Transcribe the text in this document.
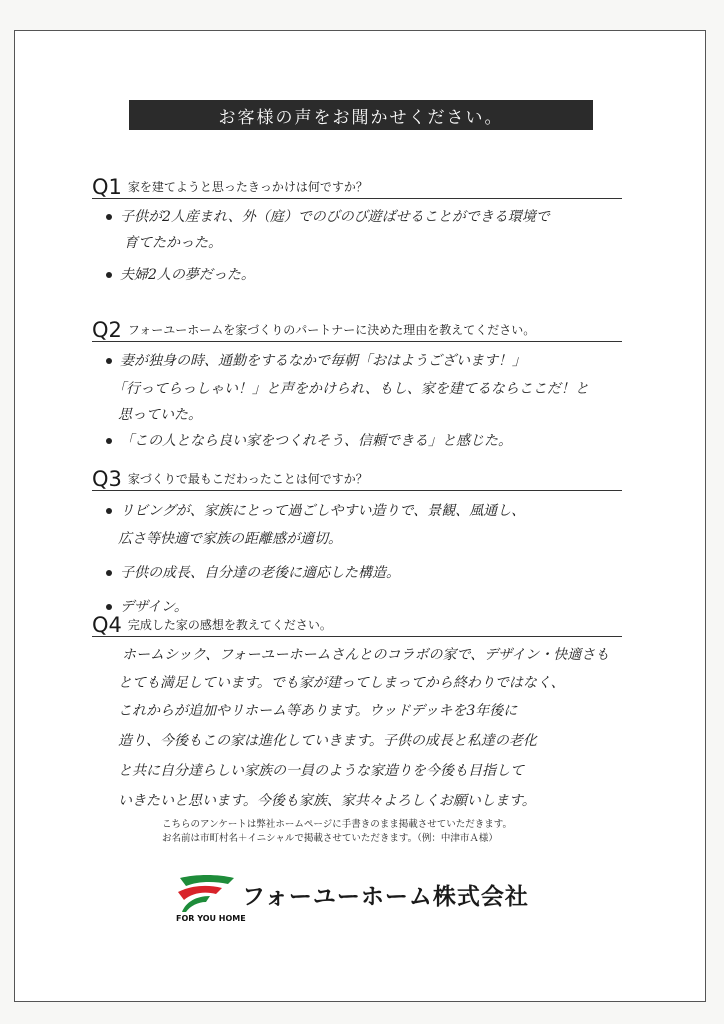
お客様の声をお聞かせください。
Q1 家を建てようと思ったきっかけは何ですか？
子供が2人産まれ、外（庭）でのびのび遊ばせることができる環境で
育てたかった。
夫婦2人の夢だった。
Q2 フォーユーホームを家づくりのパートナーに決めた理由を教えてください。
妻が独身の時、通勤をするなかで毎朝「おはようございます！」
「行ってらっしゃい！」と声をかけられ、もし、家を建てるならここだ！と
思っていた。
「この人となら良い家をつくれそう、信頼できる」と感じた。
Q3 家づくりで最もこだわったことは何ですか？
リビングが、家族にとって過ごしやすい造りで、景観、風通し、
広さ等快適で家族の距離感が適切。
子供の成長、自分達の老後に適応した構造。
デザイン。
Q4 完成した家の感想を教えてください。
ホームシック、フォーユーホームさんとのコラボの家で、デザイン・快適さも
とても満足しています。でも家が建ってしまってから終わりではなく、
これからが追加やリホーム等あります。ウッドデッキを3年後に
造り、今後もこの家は進化していきます。子供の成長と私達の老化
と共に自分達らしい家族の一員のような家造りを今後も目指して
いきたいと思います。今後も家族、家共々よろしくお願いします。
こちらのアンケートは弊社ホームページに手書きのまま掲載させていただきます。
お名前は市町村名＋イニシャルで掲載させていただきます。（例：中津市Ａ様）
フォーユーホーム株式会社
FOR YOU HOME
